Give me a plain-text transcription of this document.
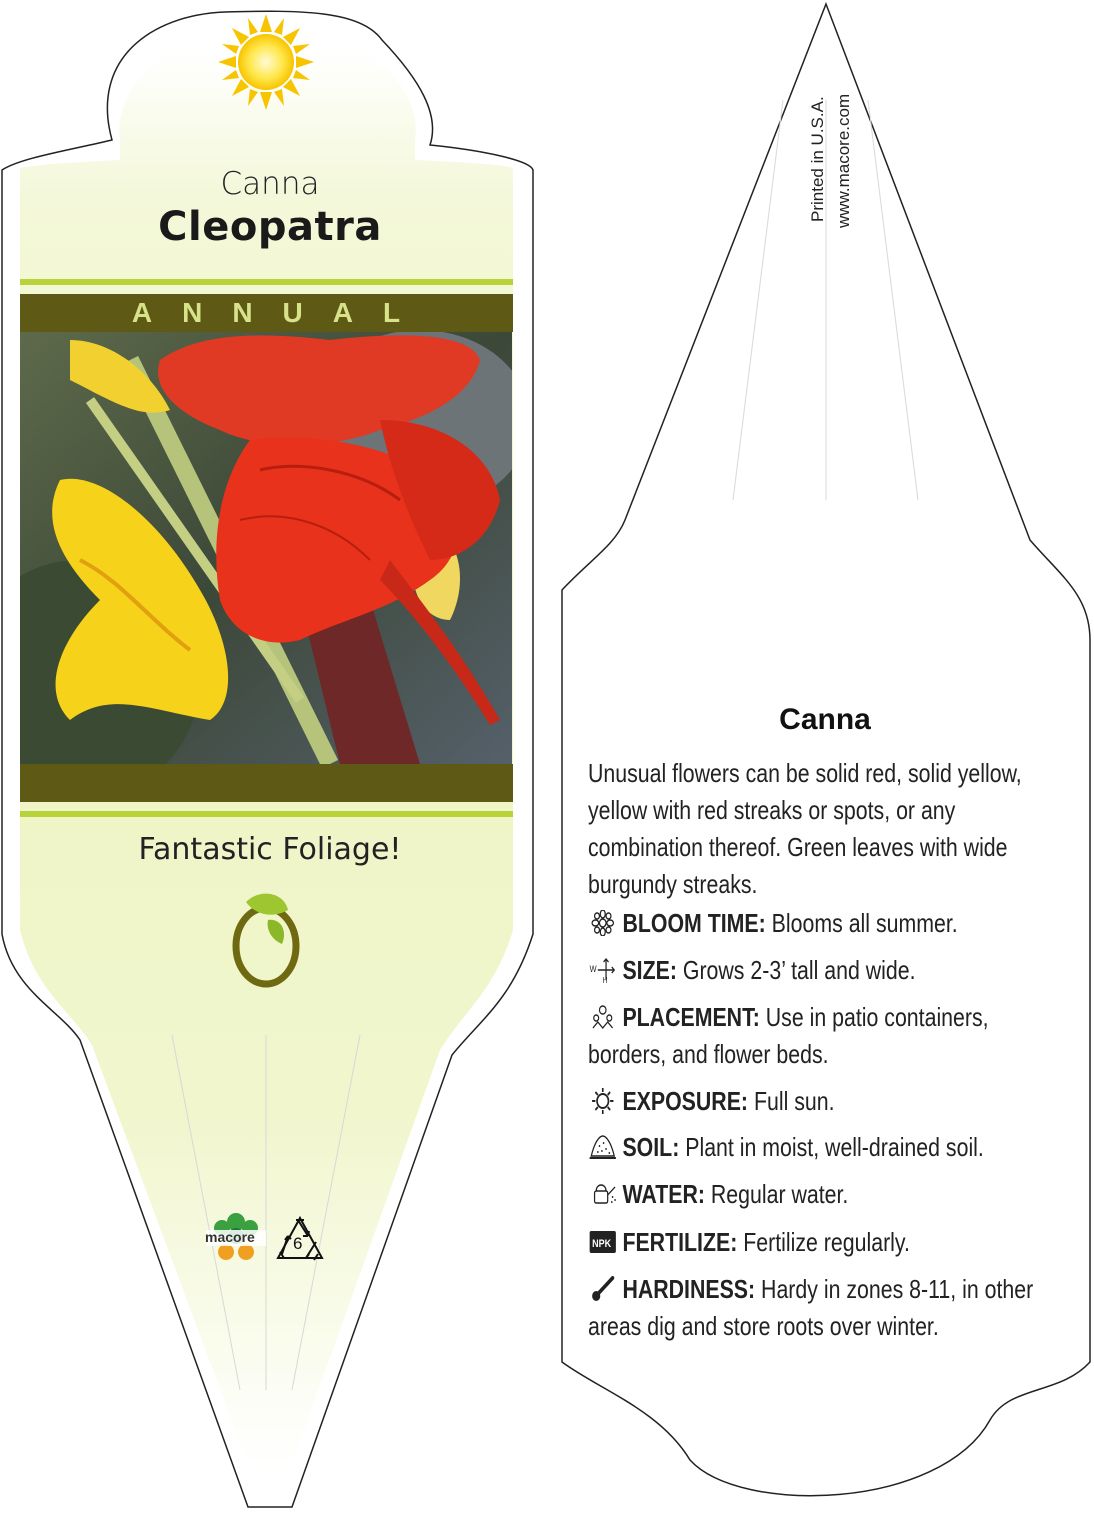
Canna
Cleopatra
ANNUAL
Fantastic Foliage!
macore 6
Printed in U.S.A. www.macore.com
Canna
Unusual flowers can be solid red, solid yellow, yellow with red streaks or spots, or any combination thereof. Green leaves with wide burgundy streaks.
BLOOM TIME: Blooms all summer.
W
H SIZE: Grows 2-3’ tall and wide.
PLACEMENT: Use in patio containers, borders, and flower beds.
EXPOSURE: Full sun.
SOIL: Plant in moist, well-drained soil.
WATER: Regular water.
NPK FERTILIZE: Fertilize regularly.
HARDINESS: Hardy in zones 8-11, in other areas dig and store roots over winter.
